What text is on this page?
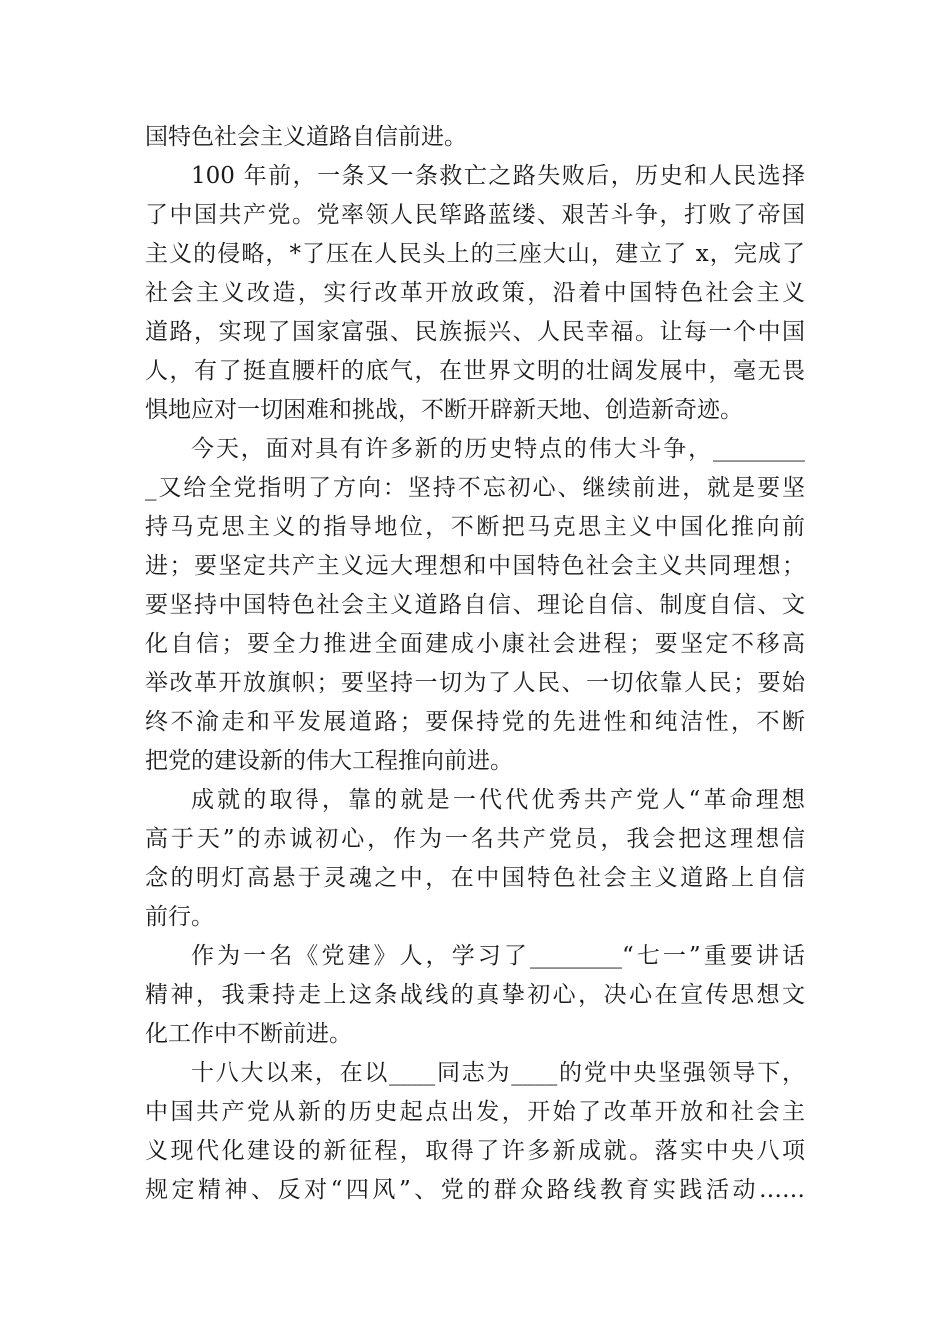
国特色社会主义道路自信前进。
100 年前，一条又一条救亡之路失败后，历史和人民选择
了中国共产党。党率领人民筚路蓝缕、艰苦斗争，打败了帝国
主义的侵略，*了压在人民头上的三座大山，建立了 x，完成了
社会主义改造，实行改革开放政策，沿着中国特色社会主义
道路，实现了国家富强、民族振兴、人民幸福。让每一个中国
人，有了挺直腰杆的底气，在世界文明的壮阔发展中，毫无畏
惧地应对一切困难和挑战，不断开辟新天地、创造新奇迹。
今天，面对具有许多新的历史特点的伟大斗争，________
_又给全党指明了方向：坚持不忘初心、继续前进，就是要坚
持马克思主义的指导地位，不断把马克思主义中国化推向前
进；要坚定共产主义远大理想和中国特色社会主义共同理想；
要坚持中国特色社会主义道路自信、理论自信、制度自信、文
化自信；要全力推进全面建成小康社会进程；要坚定不移高
举改革开放旗帜；要坚持一切为了人民、一切依靠人民；要始
终不渝走和平发展道路；要保持党的先进性和纯洁性，不断
把党的建设新的伟大工程推向前进。
成就的取得，靠的就是一代代优秀共产党人“革命理想
高于天”的赤诚初心，作为一名共产党员，我会把这理想信
念的明灯高悬于灵魂之中，在中国特色社会主义道路上自信
前行。
作为一名《党建》人，学习了________“七一”重要讲话
精神，我秉持走上这条战线的真挚初心，决心在宣传思想文
化工作中不断前进。
十八大以来，在以____同志为____的党中央坚强领导下，
中国共产党从新的历史起点出发，开始了改革开放和社会主
义现代化建设的新征程，取得了许多新成就。落实中央八项
规定精神、反对“四风”、党的群众路线教育实践活动……
